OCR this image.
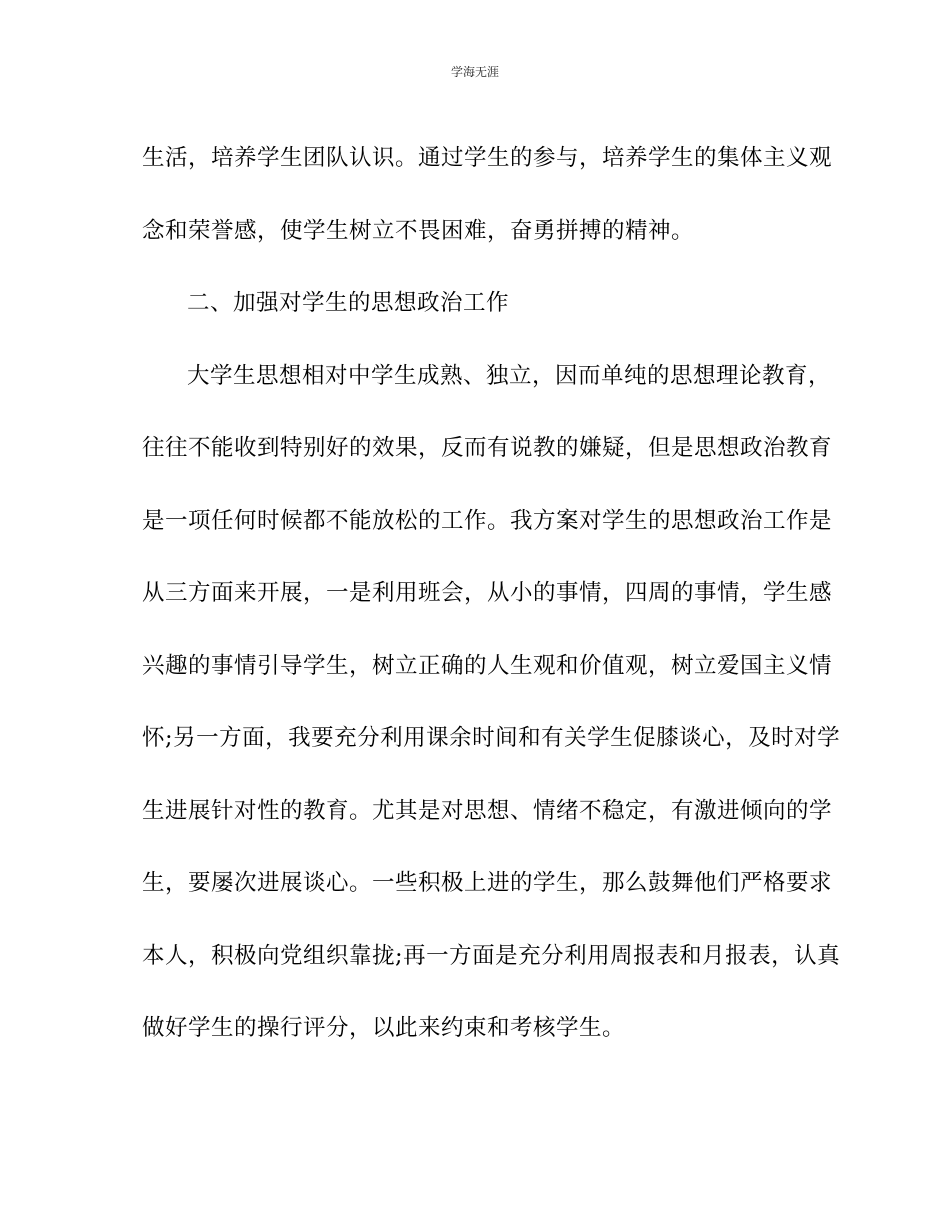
学海无涯
生活，培养学生团队认识。通过学生的参与，培养学生的集体主义观
念和荣誉感，使学生树立不畏困难，奋勇拼搏的精神。
二、加强对学生的思想政治工作
大学生思想相对中学生成熟、独立，因而单纯的思想理论教育，
往往不能收到特别好的效果，反而有说教的嫌疑，但是思想政治教育
是一项任何时候都不能放松的工作。我方案对学生的思想政治工作是
从三方面来开展，一是利用班会，从小的事情，四周的事情，学生感
兴趣的事情引导学生，树立正确的人生观和价值观，树立爱国主义情
怀;另一方面，我要充分利用课余时间和有关学生促膝谈心，及时对学
生进展针对性的教育。尤其是对思想、情绪不稳定，有激进倾向的学
生，要屡次进展谈心。一些积极上进的学生，那么鼓舞他们严格要求
本人，积极向党组织靠拢;再一方面是充分利用周报表和月报表，认真
做好学生的操行评分，以此来约束和考核学生。
